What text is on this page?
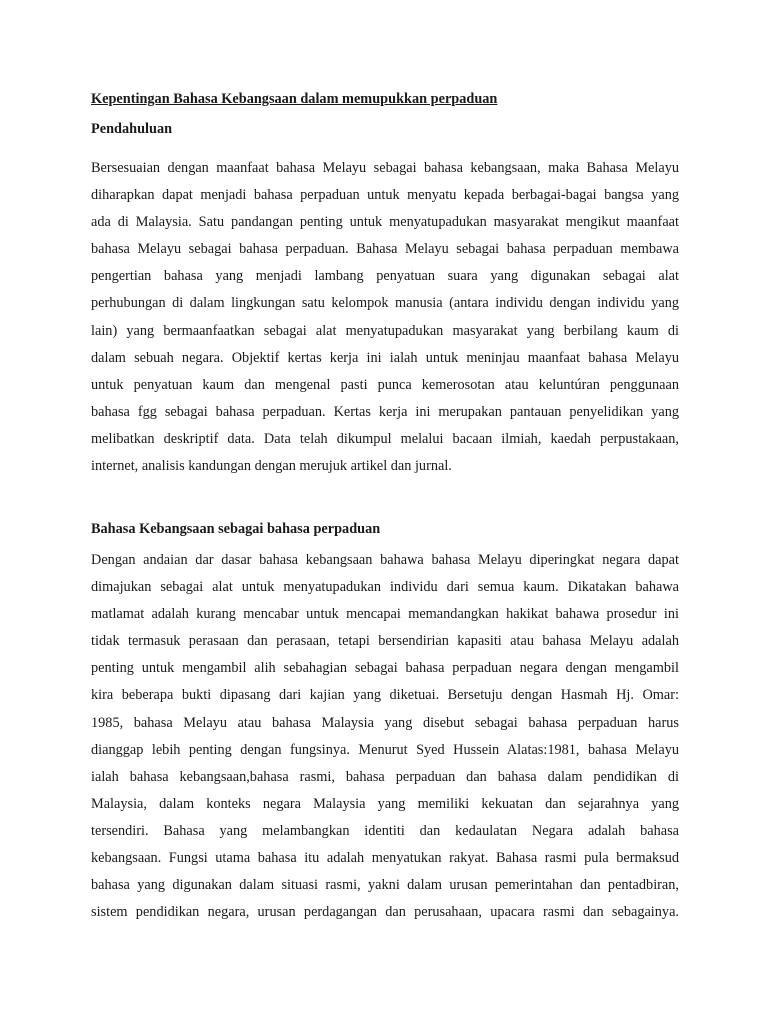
Kepentingan Bahasa Kebangsaan dalam memupukkan perpaduan

Pendahuluan

Bersesuaian dengan maanfaat bahasa Melayu sebagai bahasa kebangsaan, maka Bahasa Melayu
diharapkan dapat menjadi bahasa perpaduan untuk menyatu kepada berbagai-bagai bangsa yang
ada di Malaysia. Satu pandangan penting untuk menyatupadukan masyarakat mengikut maanfaat
bahasa Melayu sebagai bahasa perpaduan. Bahasa Melayu sebagai bahasa perpaduan membawa
pengertian bahasa yang menjadi lambang penyatuan suara yang digunakan sebagai alat
perhubungan di dalam lingkungan satu kelompok manusia (antara individu dengan individu yang
lain) yang bermaanfaatkan sebagai alat menyatupadukan masyarakat yang berbilang kaum di
dalam sebuah negara. Objektif kertas kerja ini ialah untuk meninjau maanfaat bahasa Melayu
untuk penyatuan kaum dan mengenal pasti punca kemerosotan atau keluntúran penggunaan
bahasa fgg sebagai bahasa perpaduan. Kertas kerja ini merupakan pantauan penyelidikan yang
melibatkan deskriptif data. Data telah dikumpul melalui bacaan ilmiah, kaedah perpustakaan,
internet, analisis kandungan dengan merujuk artikel dan jurnal.

Bahasa Kebangsaan sebagai bahasa perpaduan

Dengan andaian dar dasar bahasa kebangsaan bahawa bahasa Melayu diperingkat negara dapat
dimajukan sebagai alat untuk menyatupadukan individu dari semua kaum. Dikatakan bahawa
matlamat adalah kurang mencabar untuk mencapai memandangkan hakikat bahawa prosedur ini
tidak termasuk perasaan dan perasaan, tetapi bersendirian kapasiti atau bahasa Melayu adalah
penting untuk mengambil alih sebahagian sebagai bahasa perpaduan negara dengan mengambil
kira beberapa bukti dipasang dari kajian yang diketuai. Bersetuju dengan Hasmah Hj. Omar:
1985, bahasa Melayu atau bahasa Malaysia yang disebut sebagai bahasa perpaduan harus
dianggap lebih penting dengan fungsinya. Menurut Syed Hussein Alatas:1981, bahasa Melayu
ialah bahasa kebangsaan,bahasa rasmi, bahasa perpaduan dan bahasa dalam pendidikan di
Malaysia, dalam konteks negara Malaysia yang memiliki kekuatan dan sejarahnya yang
tersendiri. Bahasa yang melambangkan identiti dan kedaulatan Negara adalah bahasa
kebangsaan. Fungsi utama bahasa itu adalah menyatukan rakyat. Bahasa rasmi pula bermaksud
bahasa yang digunakan dalam situasi rasmi, yakni dalam urusan pemerintahan dan pentadbiran,
sistem pendidikan negara, urusan perdagangan dan perusahaan, upacara rasmi dan sebagainya.
